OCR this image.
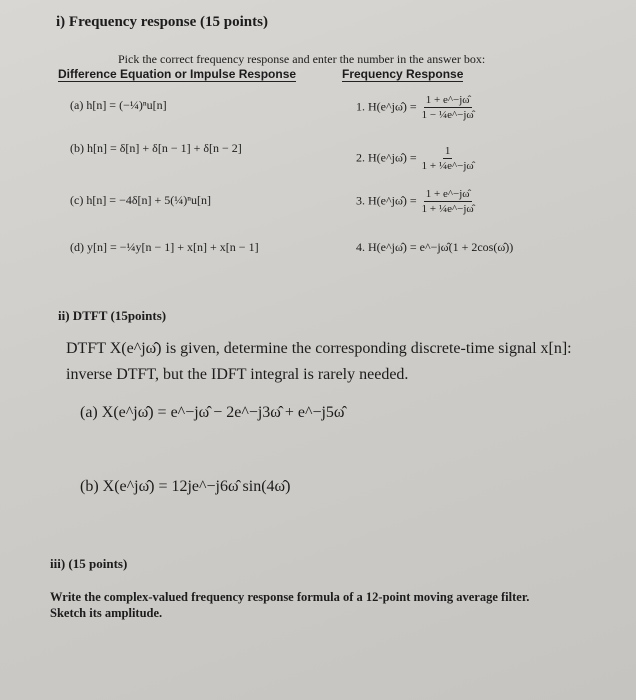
i) Frequency response (15 points)
Pick the correct frequency response and enter the number in the answer box:
Difference Equation or Impulse Response	Frequency Response
(a) h[n] = (−¼)ⁿu[n]
(b) h[n] = δ[n] + δ[n − 1] + δ[n − 2]
(c) h[n] = −4δ[n] + 5(¼)ⁿu[n]
(d) y[n] = −¼y[n − 1] + x[n] + x[n − 1]
1. H(e^jω̂) = $\frac{1 + e\^{}-j\omegâ}{\text{1 − ¼e\textasciicircum{}−jω̂}}$
2. H(e^jω̂) = $\frac{1}{\text{1 + ¼e\textasciicircum{}−jω̂}}$
3. H(e^jω̂) = $\frac{1 + e\^{}-j\omegâ}{\text{1 + ¼e\textasciicircum{}−jω̂}}$
4. H(e^jω̂) = e^−jω̂(1 + 2cos(ω̂))
ii) DTFT (15points)
DTFT X(e^jω̂) is given, determine the corresponding discrete-time signal x[n]:
inverse DTFT, but the IDFT integral is rarely needed.
(a) X(e^jω̂) = e^−jω̂ − 2e^−j3ω̂ + e^−j5ω̂
(b) X(e^jω̂) = 12je^−j6ω̂ sin(4ω̂)
iii) (15 points)
Write the complex-valued frequency response formula of a 12-point moving average filter.
Sketch its amplitude.
